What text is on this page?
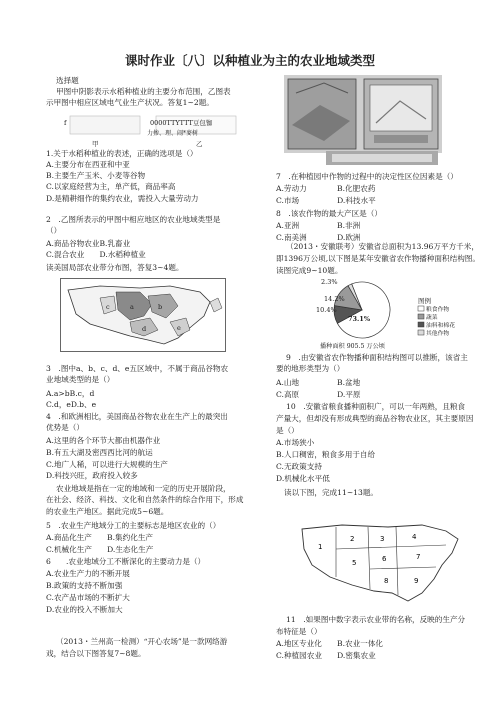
课时作业〔八〕以种植业为主的农业地域类型
选择题
甲图中阴影表示水稻种植业的主要分布范围，乙图表
示甲图中相应区域电气业生产状况。答复1~2题。
1.关于水稻种植业的表述，正确的选项是（）
A.主要分布在西亚和中亚
B.主要生产玉米、小麦等谷物
C.以家庭经营为主，单产低，商品率高
D.是精耕细作的集约农业，需投入大量劳动力
2　.乙图所表示的甲图中相应地区的农业地域类型是
（）
A.商品谷物农业B.乳畜业
C.混合农业　　D.水稻种植业
读美国局部农业带分布图，答复3~4题。
3　.图中a、b、c、d、e五区域中，不属于商品谷物农
业地域类型的是（）
A.a>bB.c，d
C.d，eD.b、e
4　.和欧洲相比，美国商品谷物农业在生产上的最突出
优势是（）
A.这里的各个环节大都由机器作业
B.有五大湖及密西西比河的航运
C.地广人稀，可以进行大规模的生产
D.科技兴旺，政府投入较多
农业地域是指在一定的地域和一定的历史开展阶段，
在社会、经济、科技、文化和自然条件的综合作用下，形成
的农业生产地区。据此完成5~6题。
5　.农业生产地域分工的主要标志是地区农业的（）
A.商品化生产　　B.集约化生产
C.机械化生产　　D.生态化生产
6　　.农业地域分工不断深化的主要动力是（）
A.农业生产力的不断开展
B.政策的支持不断加强
C.农产品市场的不断扩大
D.农业的投入不断加大
（2013・兰州高一检测）“开心农场”是一款网络游
戏，结合以下图答复7~8题。
7　.在种植园中作物的过程中的决定性区位因素是（）
A.劳动力　　　　B.化肥农药
C.市场　　　　　D.科技水平
8　.该农作物的最大产区是（）
A.亚洲　　　　　B.非洲
C.南美洲　　　　D.欧洲
（2013・安徽联考）安徽省总面积为13.96万平方千米，
即1396万公顷,以下图是某年安徽省农作物播种面积结构图。
读图完成9~10题。
9　.由安徽省农作物播种面积结构图可以推断，该省主
要的地形类型为（）
A.山地　　　　　B.盆地
C.高原　　　　　D.平原
10　.安徽省粮食播种面积广，可以一年两熟，且粮食
产量大，但却没有形成典型的商品谷物农业区，其主要原因
是（）
A.市场狭小
B.人口稠密，粮食多用于自给
C.无政策支持
D.机械化水平低
读以下图，完成11~13题。
11　.如果图中数字表示农业带的名称，反映的生产分
布特征是（）
A.地区专业化　　B.农业一体化
C.种植园农业　　D.密集农业
f	0000TTYTTT豆包铷
力掺、理、闹*麥树
甲	乙
a	b
c
d	e
2.3%
14.2%
10.4%
73.1%
播种面积 905.5 万公顷
图例
粮食作物
蔬菜
油料和棉花
其他作物
1
2	3	4
5	6	7
8	9
